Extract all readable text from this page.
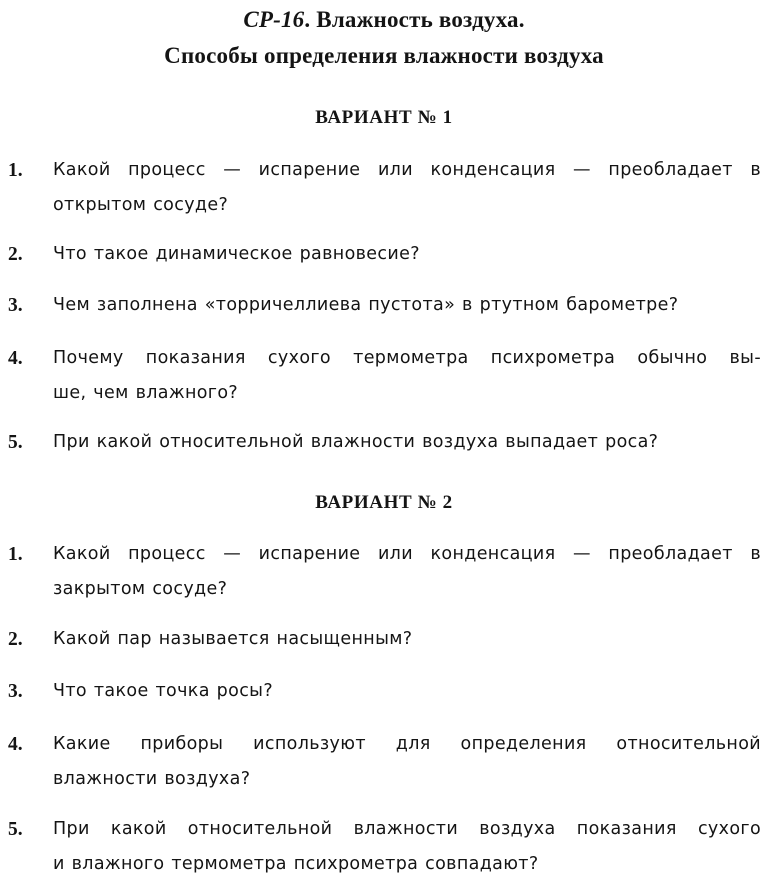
СР-16. Влажность воздуха.
Способы определения влажности воздуха
ВАРИАНТ № 1
1. Какой процесс — испарение или конденсация — преобладает в
открытом сосуде?
2. Что такое динамическое равновесие?
3. Чем заполнена «торричеллиева пустота» в ртутном барометре?
4. Почему показания сухого термометра психрометра обычно вы-
ше, чем влажного?
5. При какой относительной влажности воздуха выпадает роса?
ВАРИАНТ № 2
1. Какой процесс — испарение или конденсация — преобладает в
закрытом сосуде?
2. Какой пар называется насыщенным?
3. Что такое точка росы?
4. Какие приборы используют для определения относительной
влажности воздуха?
5. При какой относительной влажности воздуха показания сухого
и влажного термометра психрометра совпадают?
